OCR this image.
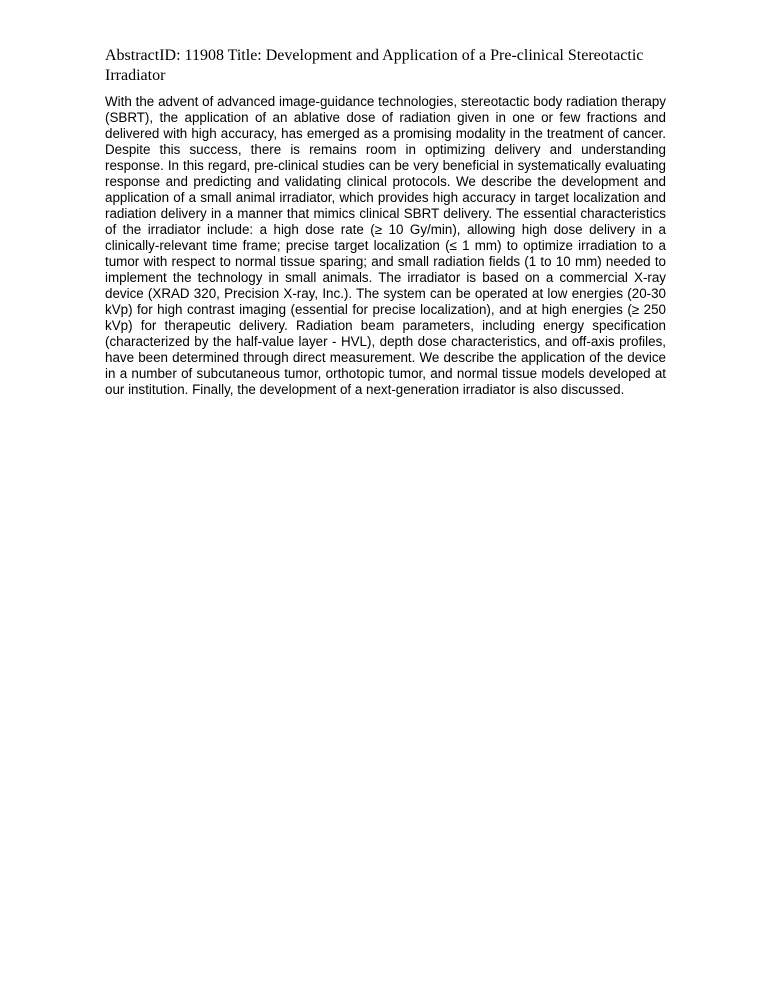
AbstractID: 11908 Title: Development and Application of a Pre-clinical Stereotactic Irradiator

With the advent of advanced image-guidance technologies, stereotactic body radiation therapy (SBRT), the application of an ablative dose of radiation given in one or few fractions and delivered with high accuracy, has emerged as a promising modality in the treatment of cancer. Despite this success, there is remains room in optimizing delivery and understanding response. In this regard, pre-clinical studies can be very beneficial in systematically evaluating response and predicting and validating clinical protocols. We describe the development and application of a small animal irradiator, which provides high accuracy in target localization and radiation delivery in a manner that mimics clinical SBRT delivery. The essential characteristics of the irradiator include: a high dose rate (≥ 10 Gy/min), allowing high dose delivery in a clinically-relevant time frame; precise target localization (≤ 1 mm) to optimize irradiation to a tumor with respect to normal tissue sparing; and small radiation fields (1 to 10 mm) needed to implement the technology in small animals. The irradiator is based on a commercial X-ray device (XRAD 320, Precision X-ray, Inc.). The system can be operated at low energies (20-30 kVp) for high contrast imaging (essential for precise localization), and at high energies (≥ 250 kVp) for therapeutic delivery. Radiation beam parameters, including energy specification (characterized by the half-value layer - HVL), depth dose characteristics, and off-axis profiles, have been determined through direct measurement. We describe the application of the device in a number of subcutaneous tumor, orthotopic tumor, and normal tissue models developed at our institution. Finally, the development of a next-generation irradiator is also discussed.
